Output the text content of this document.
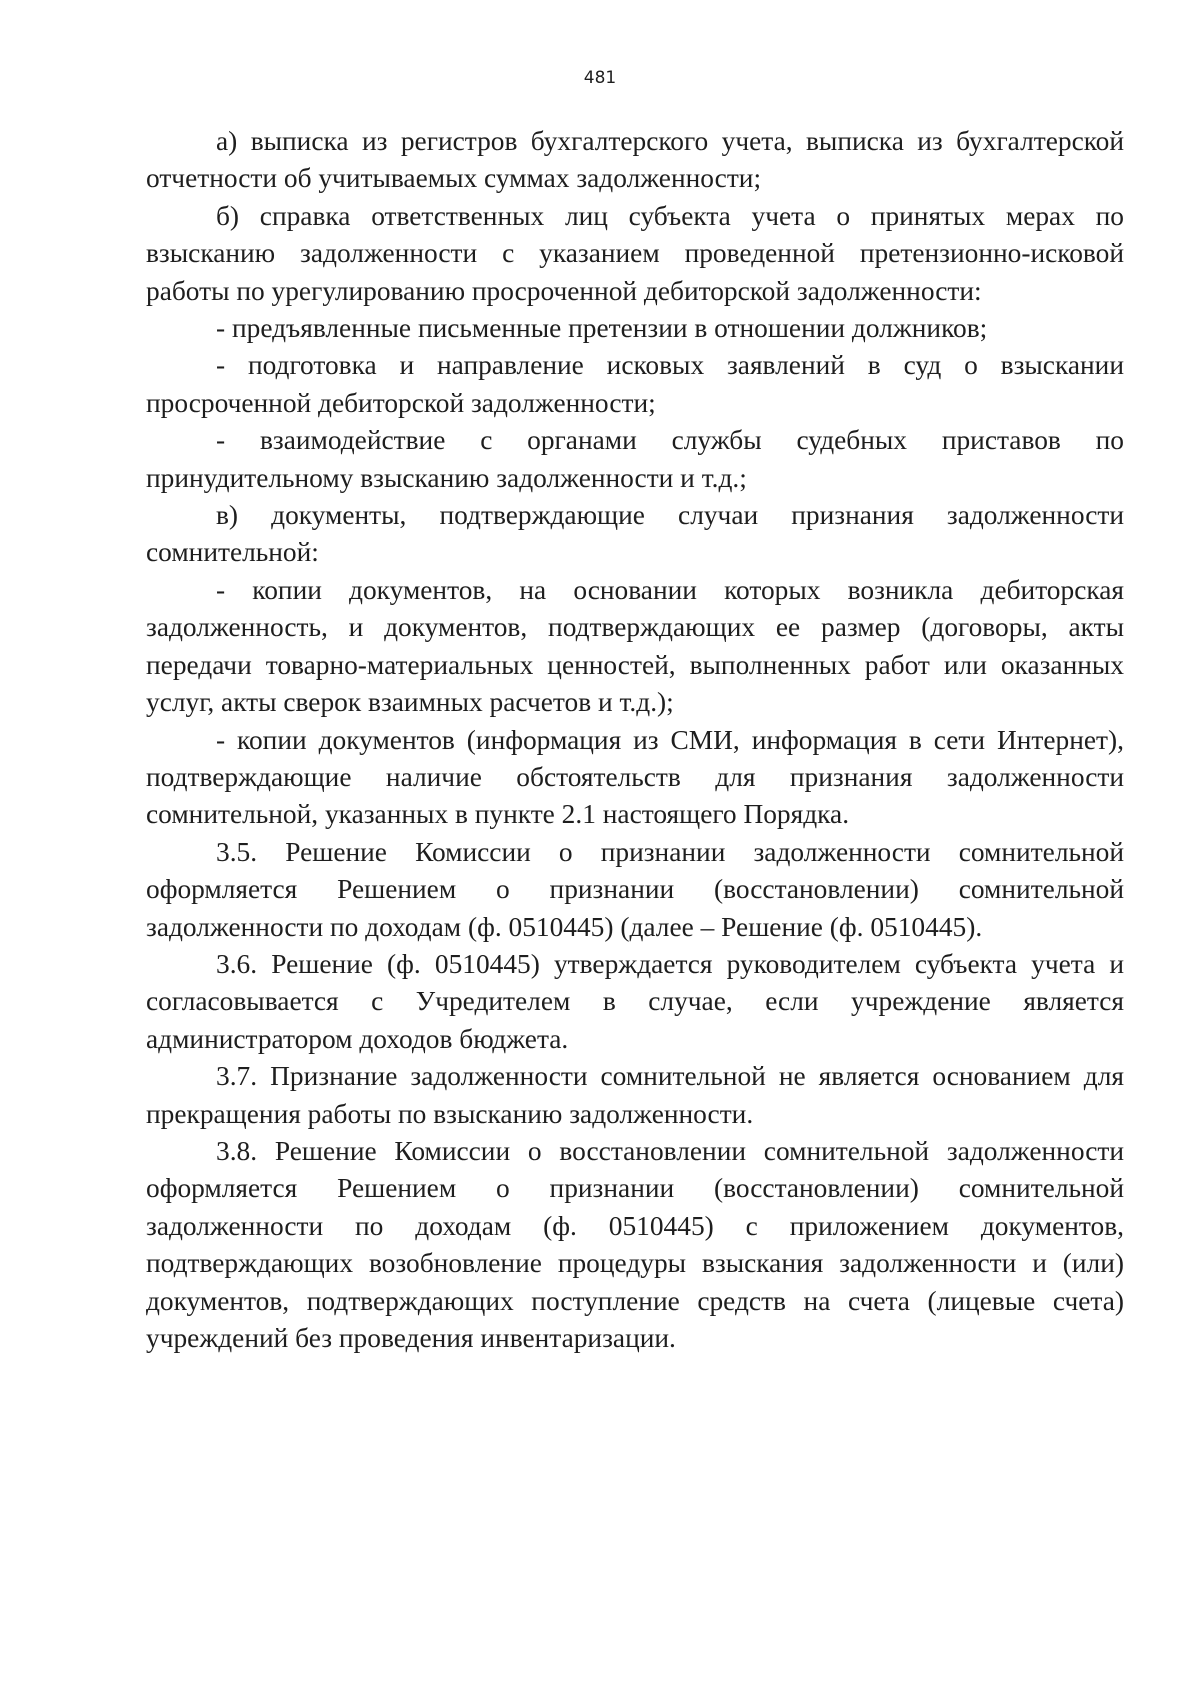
481

а) выписка из регистров бухгалтерского учета, выписка из бухгалтерской отчетности об учитываемых суммах задолженности;

б) справка ответственных лиц субъекта учета о принятых мерах по взысканию задолженности с указанием проведенной претензионно-исковой работы по урегулированию просроченной дебиторской задолженности:

- предъявленные письменные претензии в отношении должников;

- подготовка и направление исковых заявлений в суд о взыскании просроченной дебиторской задолженности;

- взаимодействие с органами службы судебных приставов по принудительному взысканию задолженности и т.д.;

в) документы, подтверждающие случаи признания задолженности сомнительной:

- копии документов, на основании которых возникла дебиторская задолженность, и документов, подтверждающих ее размер (договоры, акты передачи товарно-материальных ценностей, выполненных работ или оказанных услуг, акты сверок взаимных расчетов и т.д.);

- копии документов (информация из СМИ, информация в сети Интернет), подтверждающие наличие обстоятельств для признания задолженности сомнительной, указанных в пункте 2.1 настоящего Порядка.

3.5. Решение Комиссии о признании задолженности сомнительной оформляется Решением о признании (восстановлении) сомнительной задолженности по доходам (ф. 0510445) (далее – Решение (ф. 0510445).

3.6. Решение (ф. 0510445) утверждается руководителем субъекта учета и согласовывается с Учредителем в случае, если учреждение является администратором доходов бюджета.

3.7. Признание задолженности сомнительной не является основанием для прекращения работы по взысканию задолженности.

3.8. Решение Комиссии о восстановлении сомнительной задолженности оформляется Решением о признании (восстановлении) сомнительной задолженности по доходам (ф. 0510445) с приложением документов, подтверждающих возобновление процедуры взыскания задолженности и (или) документов, подтверждающих поступление средств на счета (лицевые счета) учреждений без проведения инвентаризации.
